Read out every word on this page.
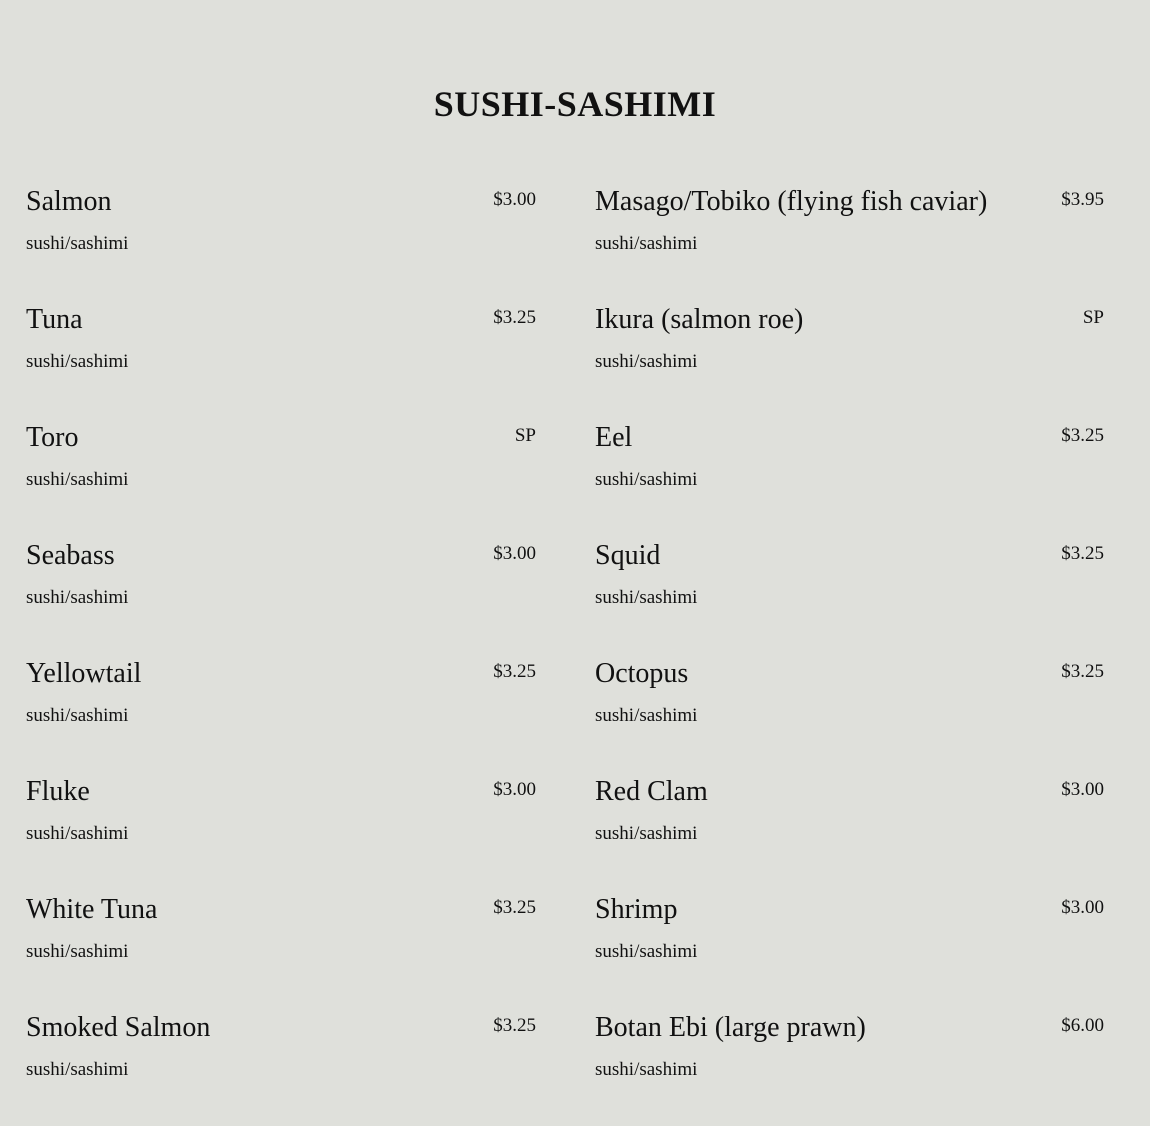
SUSHI-SASHIMI
Salmon	$3.00
sushi/sashimi
Tuna	$3.25
sushi/sashimi
Toro	SP
sushi/sashimi
Seabass	$3.00
sushi/sashimi
Yellowtail	$3.25
sushi/sashimi
Fluke	$3.00
sushi/sashimi
White Tuna	$3.25
sushi/sashimi
Smoked Salmon	$3.25
sushi/sashimi
Masago/Tobiko (flying fish caviar)	$3.95
sushi/sashimi
Ikura (salmon roe)	SP
sushi/sashimi
Eel	$3.25
sushi/sashimi
Squid	$3.25
sushi/sashimi
Octopus	$3.25
sushi/sashimi
Red Clam	$3.00
sushi/sashimi
Shrimp	$3.00
sushi/sashimi
Botan Ebi (large prawn)	$6.00
sushi/sashimi
